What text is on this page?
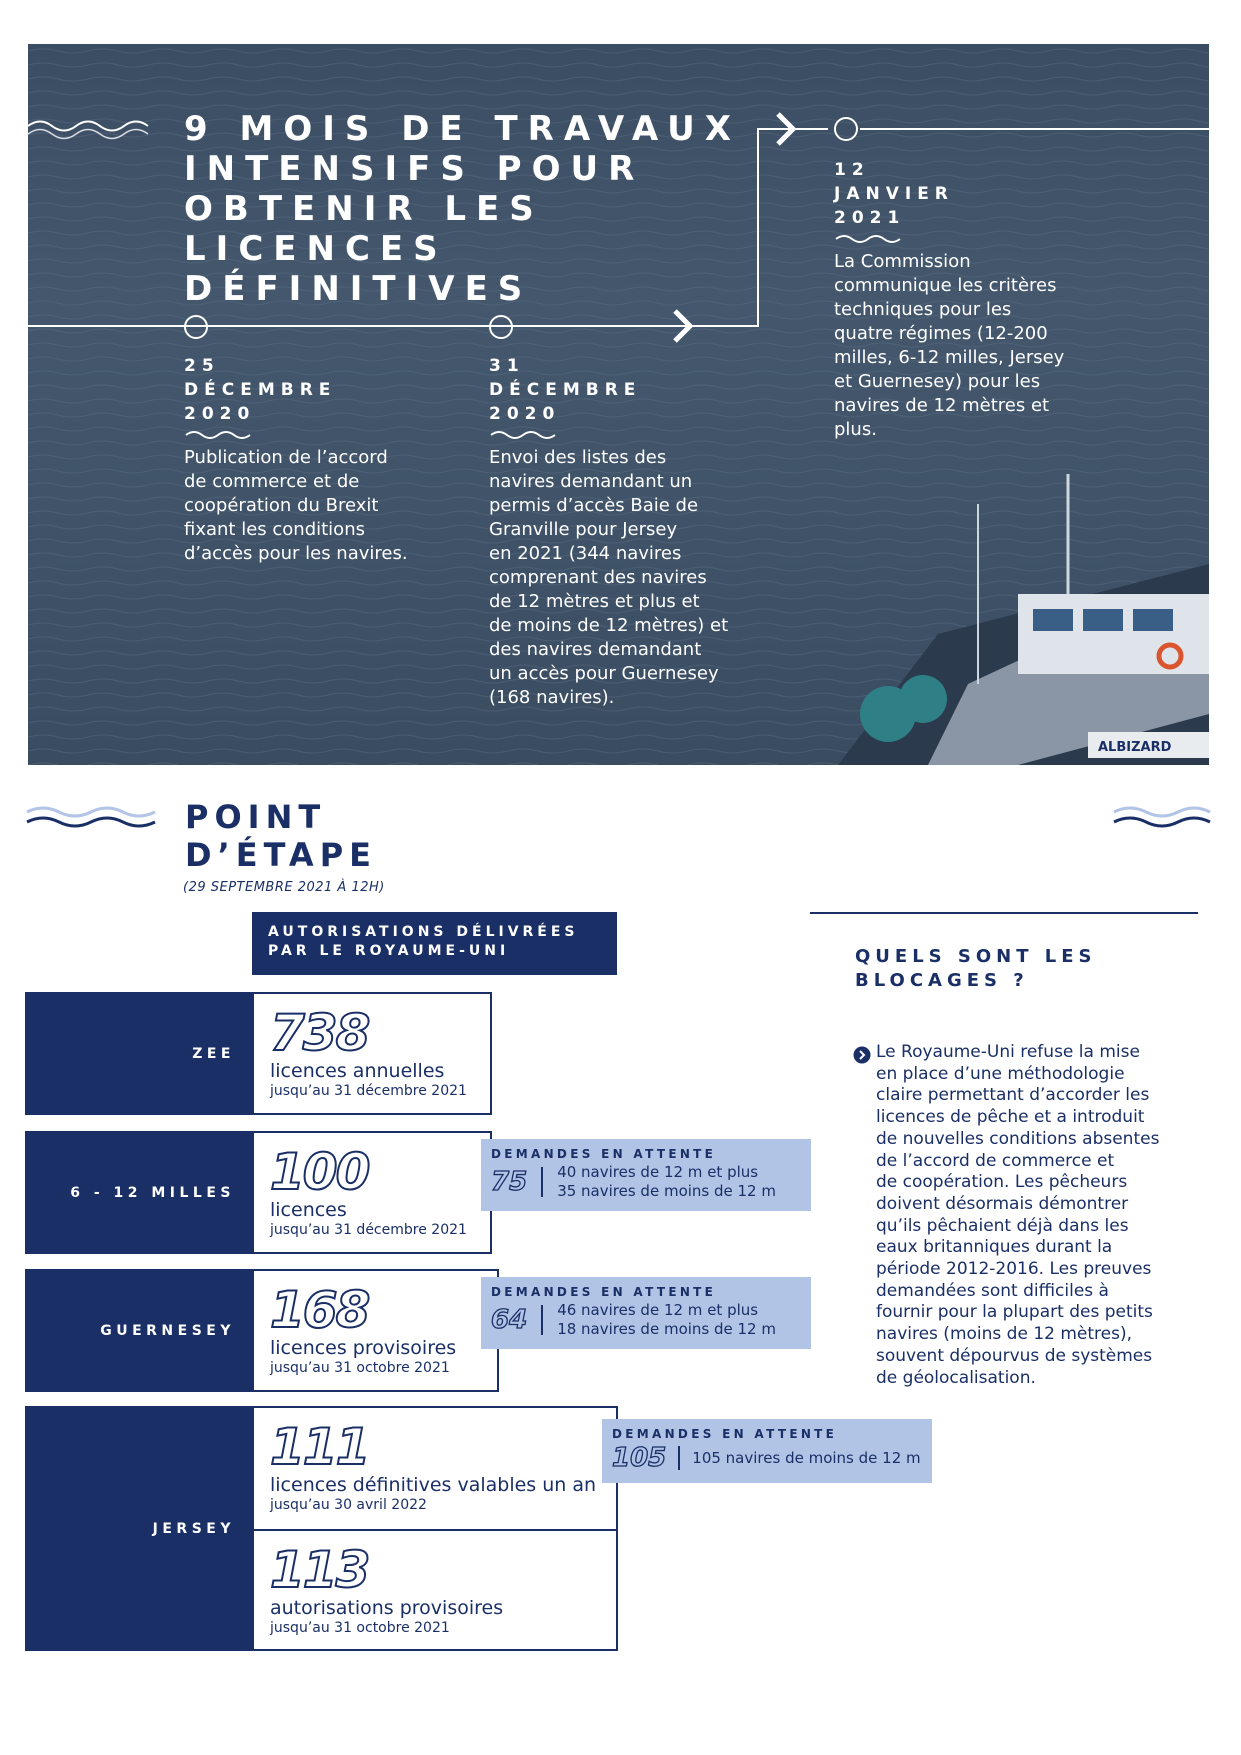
ALBIZARD
9 MOIS DE TRAVAUX
INTENSIFS POUR
OBTENIR LES LICENCES
DÉFINITIVES
25
DÉCEMBRE
2020
Publication de l’accord
de commerce et de
coopération du Brexit
fixant les conditions
d’accès pour les navires.
31
DÉCEMBRE
2020
Envoi des listes des
navires demandant un
permis d’accès Baie de
Granville pour Jersey
en 2021 (344 navires
comprenant des navires
de 12 mètres et plus et
de moins de 12 mètres) et
des navires demandant
un accès pour Guernesey
(168 navires).
12
JANVIER
2021
La Commission
communique les critères
techniques pour les
quatre régimes (12-200
milles, 6-12 milles, Jersey
et Guernesey) pour les
navires de 12 mètres et
plus.
POINT
D’ÉTAPE
(29 SEPTEMBRE 2021 À 12H)
AUTORISATIONS DÉLIVRÉES
PAR LE ROYAUME-UNI
ZEE 738
licences annuelles
jusqu’au 31 décembre 2021
6 - 12 MILLES 100
licences
jusqu’au 31 décembre 2021
DEMANDES EN ATTENTE
75 40 navires de 12 m et plus
35 navires de moins de 12 m
GUERNESEY 168
licences provisoires
jusqu’au 31 octobre 2021
DEMANDES EN ATTENTE
64 46 navires de 12 m et plus
18 navires de moins de 12 m
JERSEY
111
licences définitives valables un an
jusqu’au 30 avril 2022
113
autorisations provisoires
jusqu’au 31 octobre 2021
DEMANDES EN ATTENTE
105 105 navires de moins de 12 m
QUELS SONT LES
BLOCAGES ?
Le Royaume-Uni refuse la mise
en place d’une méthodologie
claire permettant d’accorder les
licences de pêche et a introduit
de nouvelles conditions absentes
de l’accord de commerce et
de coopération. Les pêcheurs
doivent désormais démontrer
qu’ils pêchaient déjà dans les
eaux britanniques durant la
période 2012-2016. Les preuves
demandées sont difficiles à
fournir pour la plupart des petits
navires (moins de 12 mètres),
souvent dépourvus de systèmes
de géolocalisation.
